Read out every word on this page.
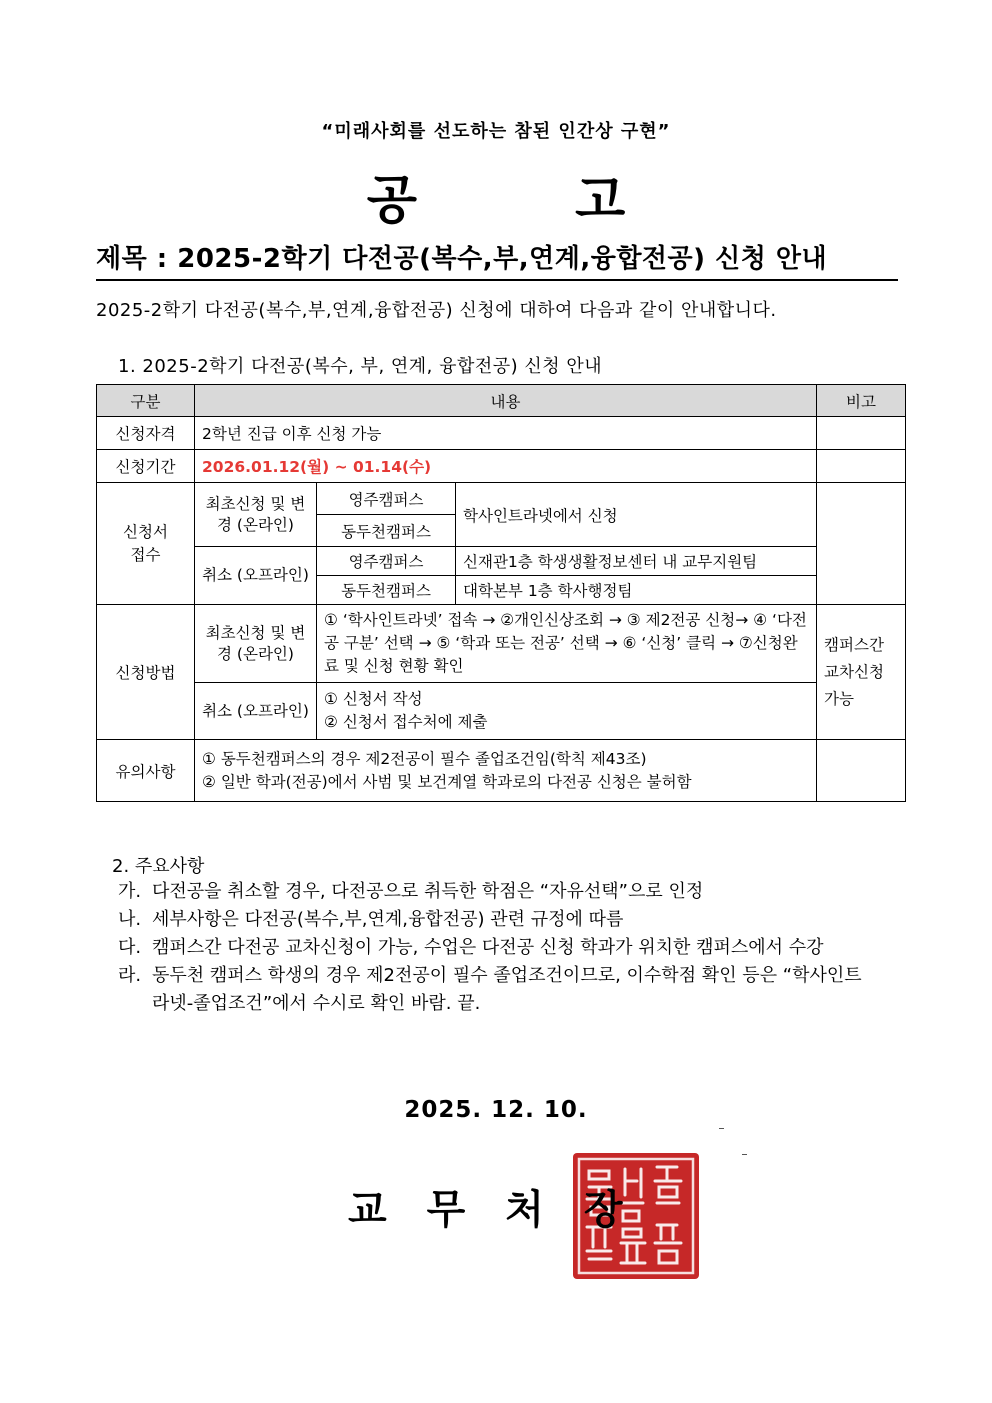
“미래사회를 선도하는 참된 인간상 구현”
공 고
제목 : 2025-2학기 다전공(복수,부,연계,융합전공) 신청 안내
2025-2학기 다전공(복수,부,연계,융합전공) 신청에 대하여 다음과 같이 안내합니다.
1. 2025-2학기 다전공(복수, 부, 연계, 융합전공) 신청 안내
구분	내용			비고
신청자격	2학년 진급 이후 신청 가능			
신청기간	2026.01.12(월) ~ 01.14(수)			

신청서 접수	최초신청 및 변경 (온라인)	영주캠퍼스	학사인트라넷에서 신청	
		동두천캠퍼스		

	취소 (오프라인)	영주캠퍼스	신재관1층 학생생활정보센터 내 교무지원팀	
		동두천캠퍼스	대학본부 1층 학사행정팀	
신청방법	최초신청 및 변경 (온라인)	① ‘학사인트라넷’ 접속 → ②개인신상조회 → ③ 제2전공 신청→ ④ ‘다전공 구분’ 선택 → ⑤ ‘학과 또는 전공’ 선택 → ⑥ ‘신청’ 클릭 → ⑦신청완료 및 신청 현황 확인		캠퍼스간 교차신청 가능

	취소 (오프라인)	① 신청서 작성

② 신청서 접수처에 제출		

유의사항	① 동두천캠퍼스의 경우 제2전공이 필수 졸업조건임(학칙 제43조)

② 일반 학과(전공)에서 사범 및 보건계열 학과로의 다전공 신청은 불허함			

2. 주요사항
가. 다전공을 취소할 경우, 다전공으로 취득한 학점은 “자유선택”으로 인정
나. 세부사항은 다전공(복수,부,연계,융합전공) 관련 규정에 따름
다. 캠퍼스간 다전공 교차신청이 가능, 수업은 다전공 신청 학과가 위치한 캠퍼스에서 수강
라. 동두천 캠퍼스 학생의 경우 제2전공이 필수 졸업조건이므로, 이수학점 확인 등은 “학사인트라넷-졸업조건”에서 수시로 확인 바람. 끝.
2025. 12. 10.
교무처장
